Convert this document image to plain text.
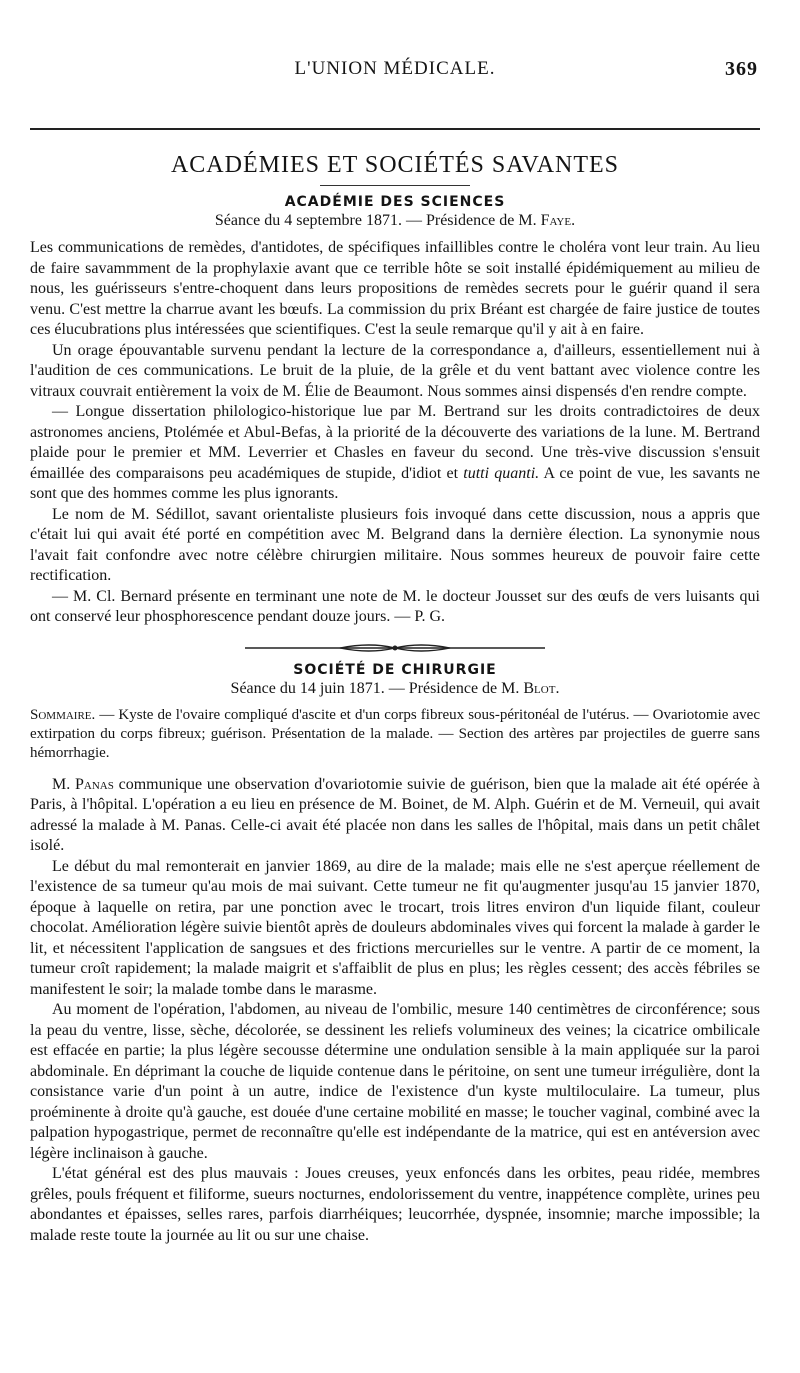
L'UNION MÉDICALE.	369
ACADÉMIES ET SOCIÉTÉS SAVANTES
ACADÉMIE DES SCIENCES
Séance du 4 septembre 1871. — Présidence de M. Faye.

Les communications de remèdes, d'antidotes, de spécifiques infaillibles contre le choléra vont leur train. Au lieu de faire savammment de la prophylaxie avant que ce terrible hôte se soit installé épidémiquement au milieu de nous, les guérisseurs s'entre-choquent dans leurs propositions de remèdes secrets pour le guérir quand il sera venu. C'est mettre la charrue avant les bœufs. La commission du prix Bréant est chargée de faire justice de toutes ces élucubrations plus intéressées que scientifiques. C'est la seule remarque qu'il y ait à en faire.

Un orage épouvantable survenu pendant la lecture de la correspondance a, d'ailleurs, essentiellement nui à l'audition de ces communications. Le bruit de la pluie, de la grêle et du vent battant avec violence contre les vitraux couvrait entièrement la voix de M. Élie de Beaumont. Nous sommes ainsi dispensés d'en rendre compte.

— Longue dissertation philologico-historique lue par M. Bertrand sur les droits contradictoires de deux astronomes anciens, Ptolémée et Abul-Befas, à la priorité de la découverte des variations de la lune. M. Bertrand plaide pour le premier et MM. Leverrier et Chasles en faveur du second. Une très-vive discussion s'ensuit émaillée des comparaisons peu académiques de stupide, d'idiot et tutti quanti. A ce point de vue, les savants ne sont que des hommes comme les plus ignorants.

Le nom de M. Sédillot, savant orientaliste plusieurs fois invoqué dans cette discussion, nous a appris que c'était lui qui avait été porté en compétition avec M. Belgrand dans la dernière élection. La synonymie nous l'avait fait confondre avec notre célèbre chirurgien militaire. Nous sommes heureux de pouvoir faire cette rectification.

— M. Cl. Bernard présente en terminant une note de M. le docteur Jousset sur des œufs de vers luisants qui ont conservé leur phosphorescence pendant douze jours. — P. G.

SOCIÉTÉ DE CHIRURGIE
Séance du 14 juin 1871. — Présidence de M. Blot.
Sommaire. — Kyste de l'ovaire compliqué d'ascite et d'un corps fibreux sous-péritonéal de l'utérus. — Ovariotomie avec extirpation du corps fibreux; guérison. Présentation de la malade. — Section des artères par projectiles de guerre sans hémorrhagie.

M. Panas communique une observation d'ovariotomie suivie de guérison, bien que la malade ait été opérée à Paris, à l'hôpital. L'opération a eu lieu en présence de M. Boinet, de M. Alph. Guérin et de M. Verneuil, qui avait adressé la malade à M. Panas. Celle-ci avait été placée non dans les salles de l'hôpital, mais dans un petit châlet isolé.

Le début du mal remonterait en janvier 1869, au dire de la malade; mais elle ne s'est aperçue réellement de l'existence de sa tumeur qu'au mois de mai suivant. Cette tumeur ne fit qu'augmenter jusqu'au 15 janvier 1870, époque à laquelle on retira, par une ponction avec le trocart, trois litres environ d'un liquide filant, couleur chocolat. Amélioration légère suivie bientôt après de douleurs abdominales vives qui forcent la malade à garder le lit, et nécessitent l'application de sangsues et des frictions mercurielles sur le ventre. A partir de ce moment, la tumeur croît rapidement; la malade maigrit et s'affaiblit de plus en plus; les règles cessent; des accès fébriles se manifestent le soir; la malade tombe dans le marasme.

Au moment de l'opération, l'abdomen, au niveau de l'ombilic, mesure 140 centimètres de circonférence; sous la peau du ventre, lisse, sèche, décolorée, se dessinent les reliefs volumineux des veines; la cicatrice ombilicale est effacée en partie; la plus légère secousse détermine une ondulation sensible à la main appliquée sur la paroi abdominale. En déprimant la couche de liquide contenue dans le péritoine, on sent une tumeur irrégulière, dont la consistance varie d'un point à un autre, indice de l'existence d'un kyste multiloculaire. La tumeur, plus proéminente à droite qu'à gauche, est douée d'une certaine mobilité en masse; le toucher vaginal, combiné avec la palpation hypogastrique, permet de reconnaître qu'elle est indépendante de la matrice, qui est en antéversion avec légère inclinaison à gauche.

L'état général est des plus mauvais : Joues creuses, yeux enfoncés dans les orbites, peau ridée, membres grêles, pouls fréquent et filiforme, sueurs nocturnes, endolorissement du ventre, inappétence complète, urines peu abondantes et épaisses, selles rares, parfois diarrhéiques; leucorrhée, dyspnée, insomnie; marche impossible; la malade reste toute la journée au lit ou sur une chaise.
